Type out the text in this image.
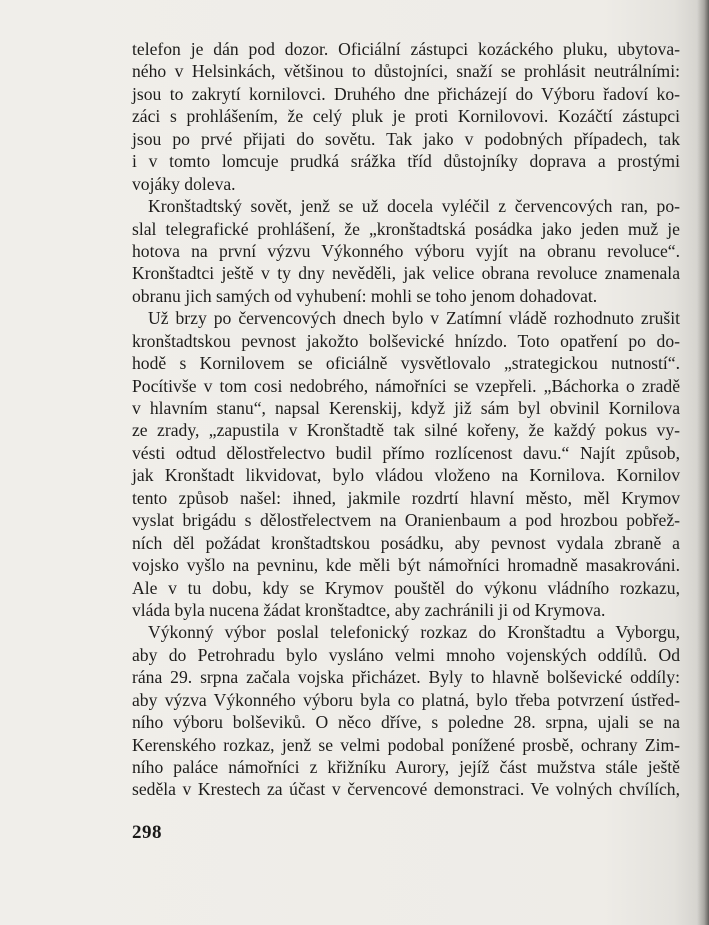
telefon je dán pod dozor. Oficiální zástupci kozáckého pluku, ubytova-
ného v Helsinkách, většinou to důstojníci, snaží se prohlásit neutrálními:
jsou to zakrytí kornilovci. Druhého dne přicházejí do Výboru řadoví ko-
záci s prohlášením, že celý pluk je proti Kornilovovi. Kozáčtí zástupci
jsou po prvé přijati do sovětu. Tak jako v podobných případech, tak
i v tomto lomcuje prudká srážka tříd důstojníky doprava a prostými
vojáky doleva.

Kronštadtský sovět, jenž se už docela vyléčil z červencových ran, po-
slal telegrafické prohlášení, že „kronštadtská posádka jako jeden muž je
hotova na první výzvu Výkonného výboru vyjít na obranu revoluce“.
Kronštadtci ještě v ty dny nevěděli, jak velice obrana revoluce znamenala
obranu jich samých od vyhubení: mohli se toho jenom dohadovat.

Už brzy po červencových dnech bylo v Zatímní vládě rozhodnuto zrušit
kronštadtskou pevnost jakožto bolševické hnízdo. Toto opatření po do-
hodě s Kornilovem se oficiálně vysvětlovalo „strategickou nutností“.
Pocítivše v tom cosi nedobrého, námořníci se vzepřeli. „Báchorka o zradě
v hlavním stanu“, napsal Kerenskij, když již sám byl obvinil Kornilova
ze zrady, „zapustila v Kronštadtě tak silné kořeny, že každý pokus vy-
vésti odtud dělostřelectvo budil přímo rozlícenost davu.“ Najít způsob,
jak Kronštadt likvidovat, bylo vládou vloženo na Kornilova. Kornilov
tento způsob našel: ihned, jakmile rozdrtí hlavní město, měl Krymov
vyslat brigádu s dělostřelectvem na Oranienbaum a pod hrozbou pobřež-
ních děl požádat kronštadtskou posádku, aby pevnost vydala zbraně a
vojsko vyšlo na pevninu, kde měli být námořníci hromadně masakrováni.
Ale v tu dobu, kdy se Krymov pouštěl do výkonu vládního rozkazu,
vláda byla nucena žádat kronštadtce, aby zachránili ji od Krymova.

Výkonný výbor poslal telefonický rozkaz do Kronštadtu a Vyborgu,
aby do Petrohradu bylo vysláno velmi mnoho vojenských oddílů. Od
rána 29. srpna začala vojska přicházet. Byly to hlavně bolševické oddíly:
aby výzva Výkonného výboru byla co platná, bylo třeba potvrzení ústřed-
ního výboru bolševiků. O něco dříve, s poledne 28. srpna, ujali se na
Kerenského rozkaz, jenž se velmi podobal ponížené prosbě, ochrany Zim-
ního paláce námořníci z křižníku Aurory, jejíž část mužstva stále ještě
seděla v Krestech za účast v červencové demonstraci. Ve volných chvílích,

298
